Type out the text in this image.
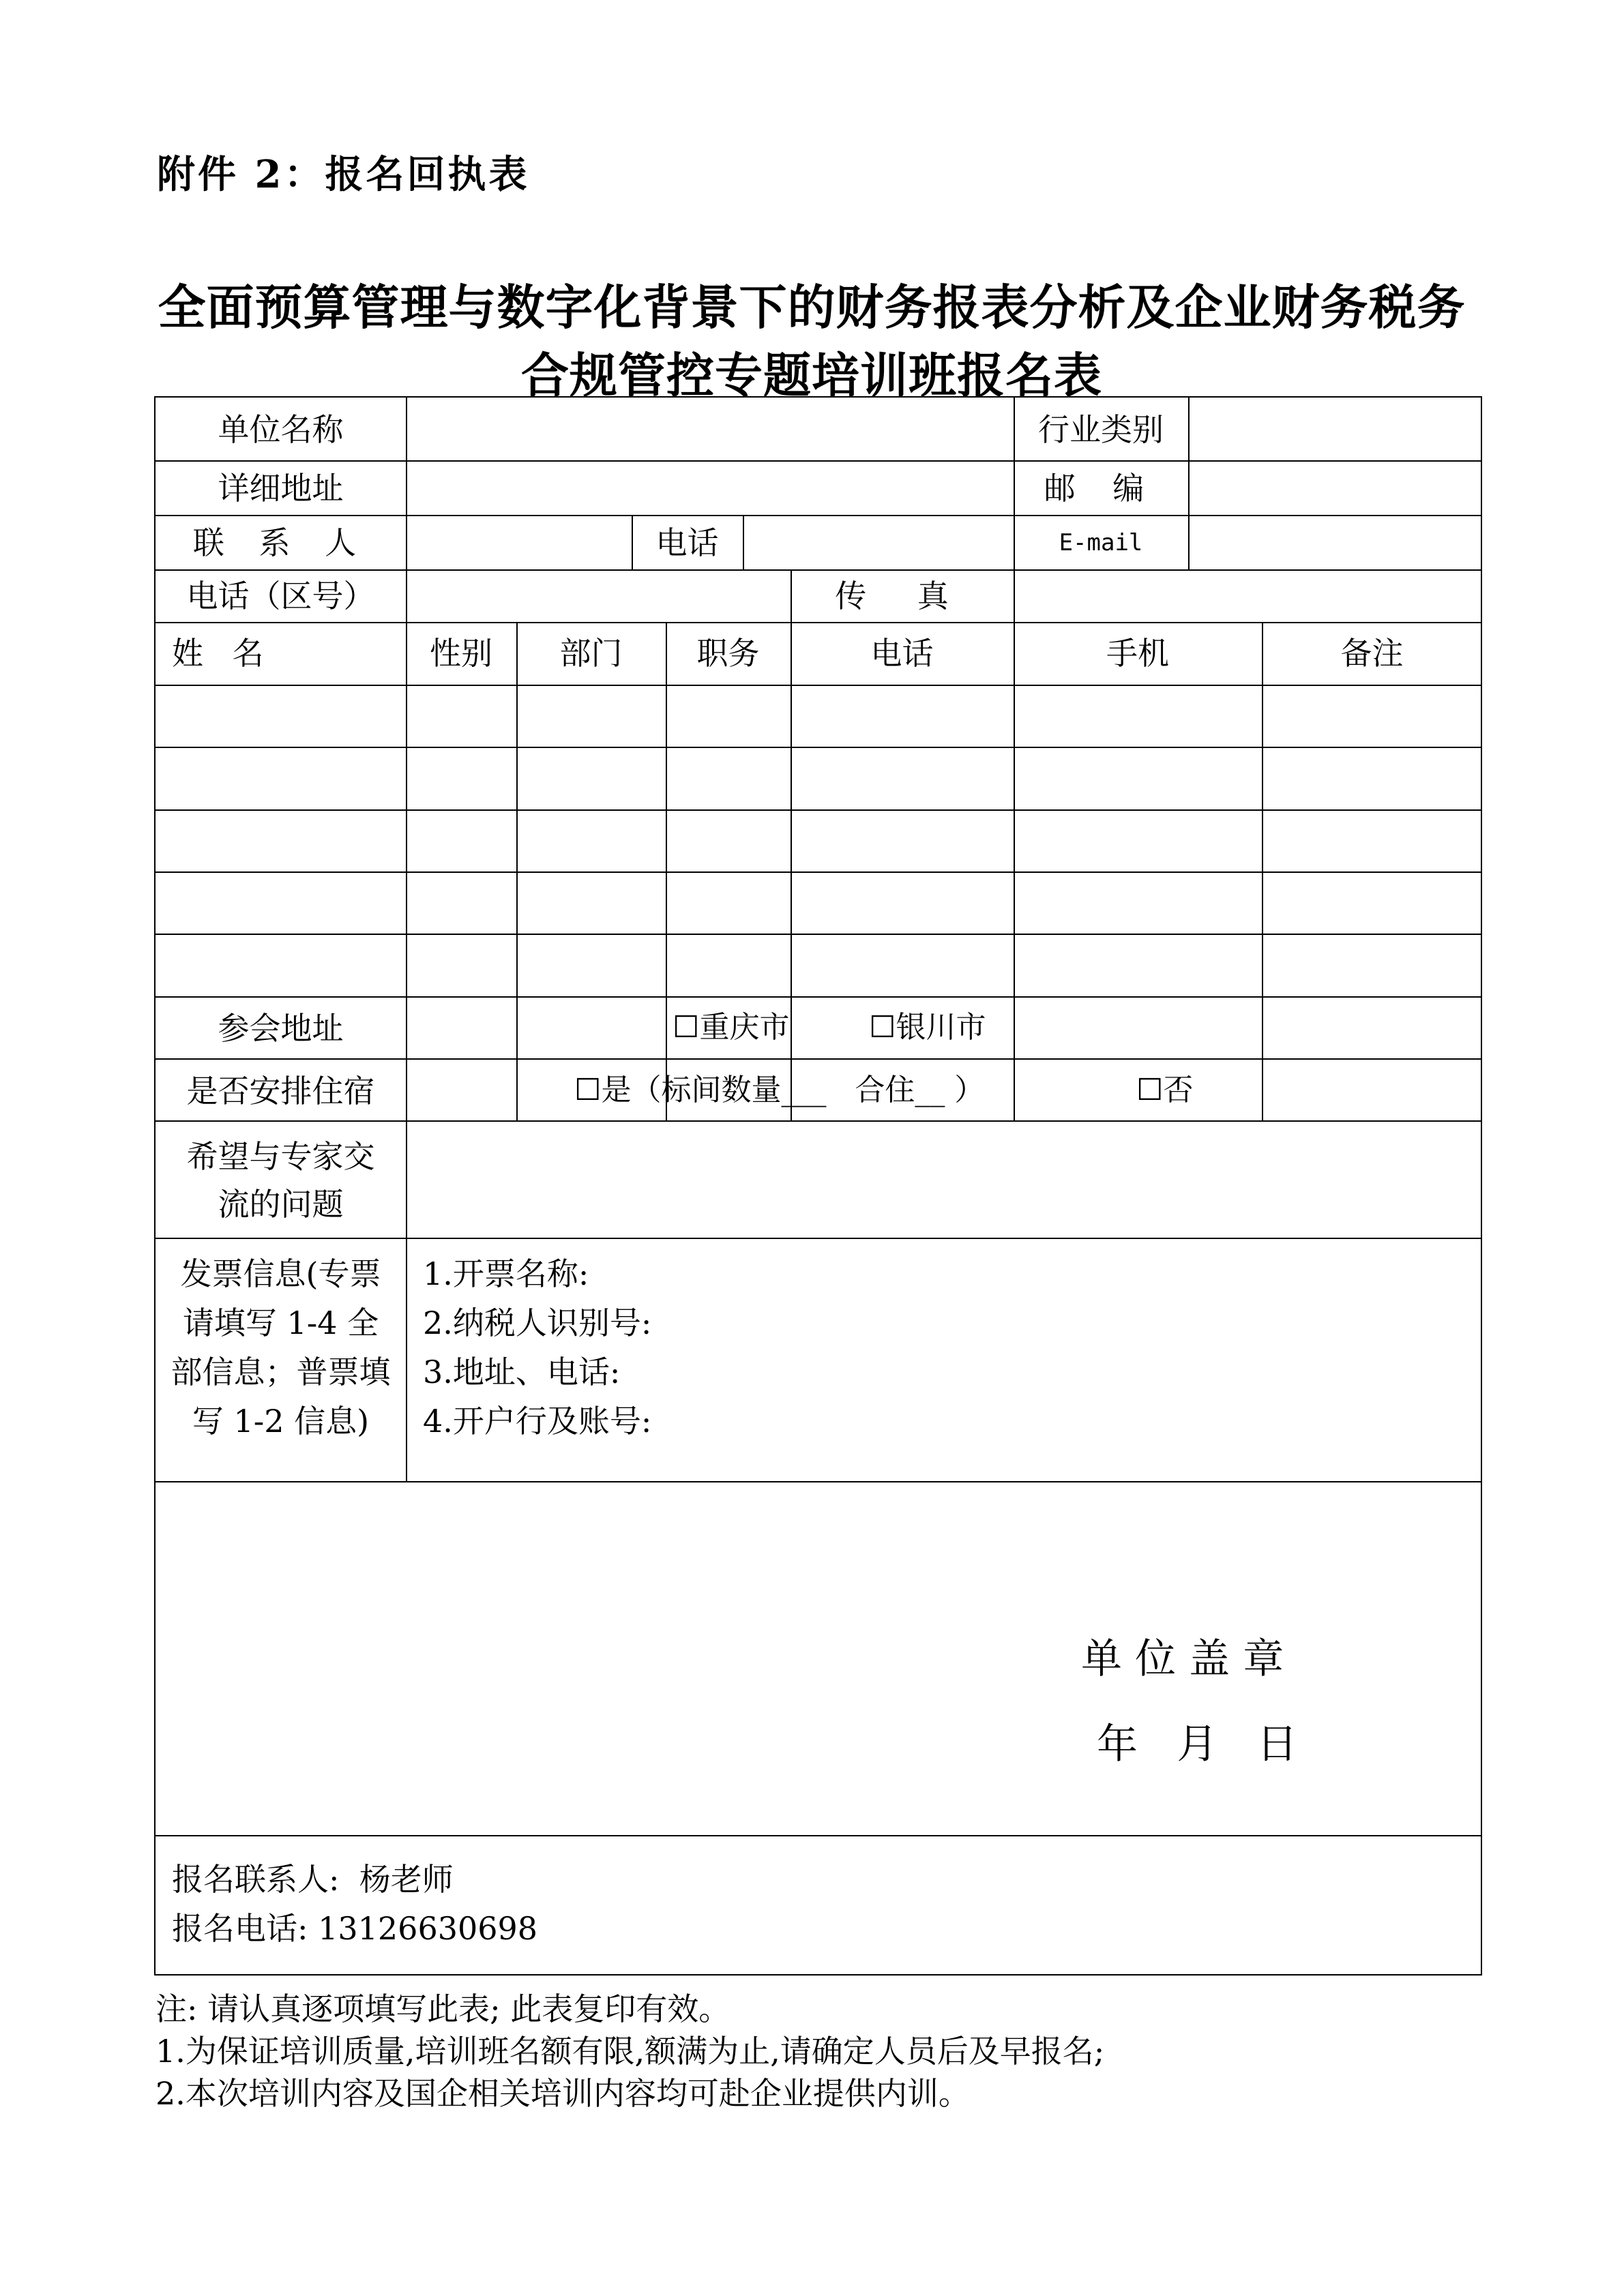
附件 2：报名回执表
全面预算管理与数字化背景下的财务报表分析及企业财务税务
合规管控专题培训班报名表
单位名称	行业类别
详细地址	邮 编
联 系 人	电话	E-mail
电话（区号）	传 真
姓 名	性别	部门	职务	电话	手机	备注
参会地址	☐重庆市	☐银川市
是否安排住宿	☐是（标间数量___   合住__ ）	☐否
希望与专家交
流的问题
发票信息(专票
请填写 1-4 全
部信息；普票填
写 1-2 信息)
1.开票名称:
2.纳税人识别号:
3.地址、电话:
4.开户行及账号:
单 位 盖 章
年   月   日
报名联系人:  杨老师
报名电话: 13126630698
注: 请认真逐项填写此表; 此表复印有效。
1.为保证培训质量,培训班名额有限,额满为止,请确定人员后及早报名;
2.本次培训内容及国企相关培训内容均可赴企业提供内训。
